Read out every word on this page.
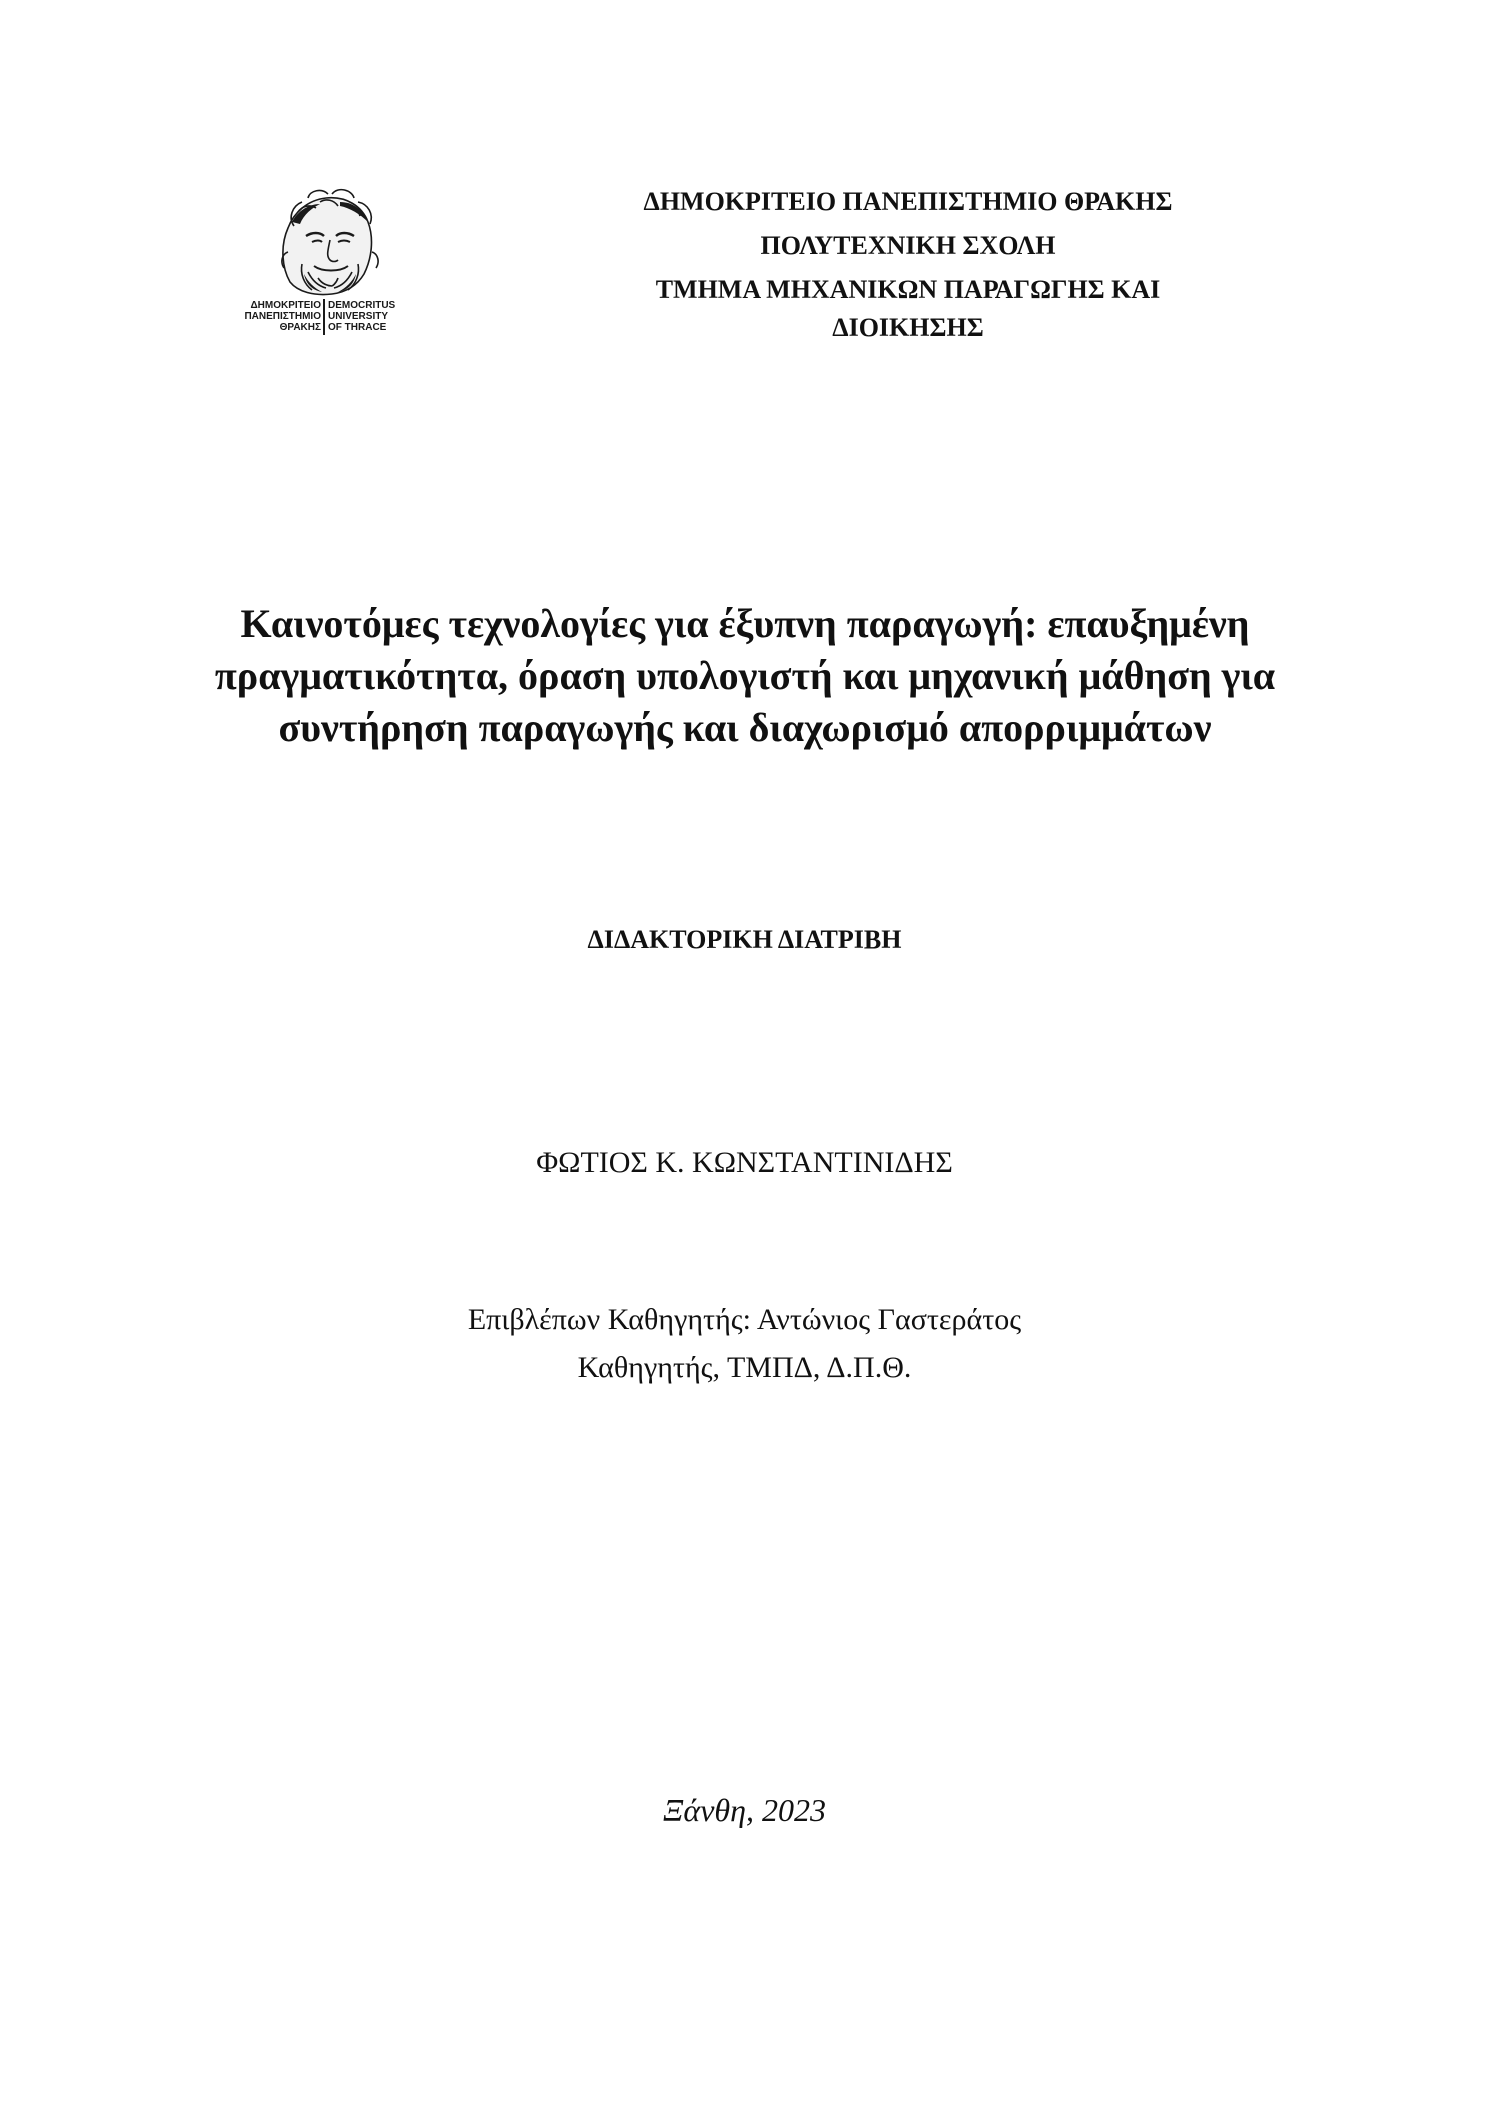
ΔΗΜΟΚΡΙΤΕΙΟ
ΠΑΝΕΠΙΣΤΗΜΙΟ
ΘΡΑΚΗΣ
DEMOCRITUS
UNIVERSITY
OF THRACE
ΔΗΜΟΚΡΙΤΕΙΟ ΠΑΝΕΠΙΣΤΗΜΙΟ ΘΡΑΚΗΣ
ΠΟΛΥΤΕΧΝΙΚΗ ΣΧΟΛΗ
ΤΜΗΜΑ ΜΗΧΑΝΙΚΩΝ ΠΑΡΑΓΩΓΗΣ ΚΑΙ
ΔΙΟΙΚΗΣΗΣ
Καινοτόμες τεχνολογίες για έξυπνη παραγωγή: επαυξημένη πραγματικότητα, όραση υπολογιστή και μηχανική μάθηση για συντήρηση παραγωγής και διαχωρισμό απορριμμάτων
ΔΙΔΑΚΤΟΡΙΚΗ ΔΙΑΤΡΙΒΗ
ΦΩΤΙΟΣ Κ. ΚΩΝΣΤΑΝΤΙΝΙΔΗΣ
Επιβλέπων Καθηγητής: Αντώνιος Γαστεράτος
Καθηγητής, ΤΜΠΔ, Δ.Π.Θ.
Ξάνθη, 2023
